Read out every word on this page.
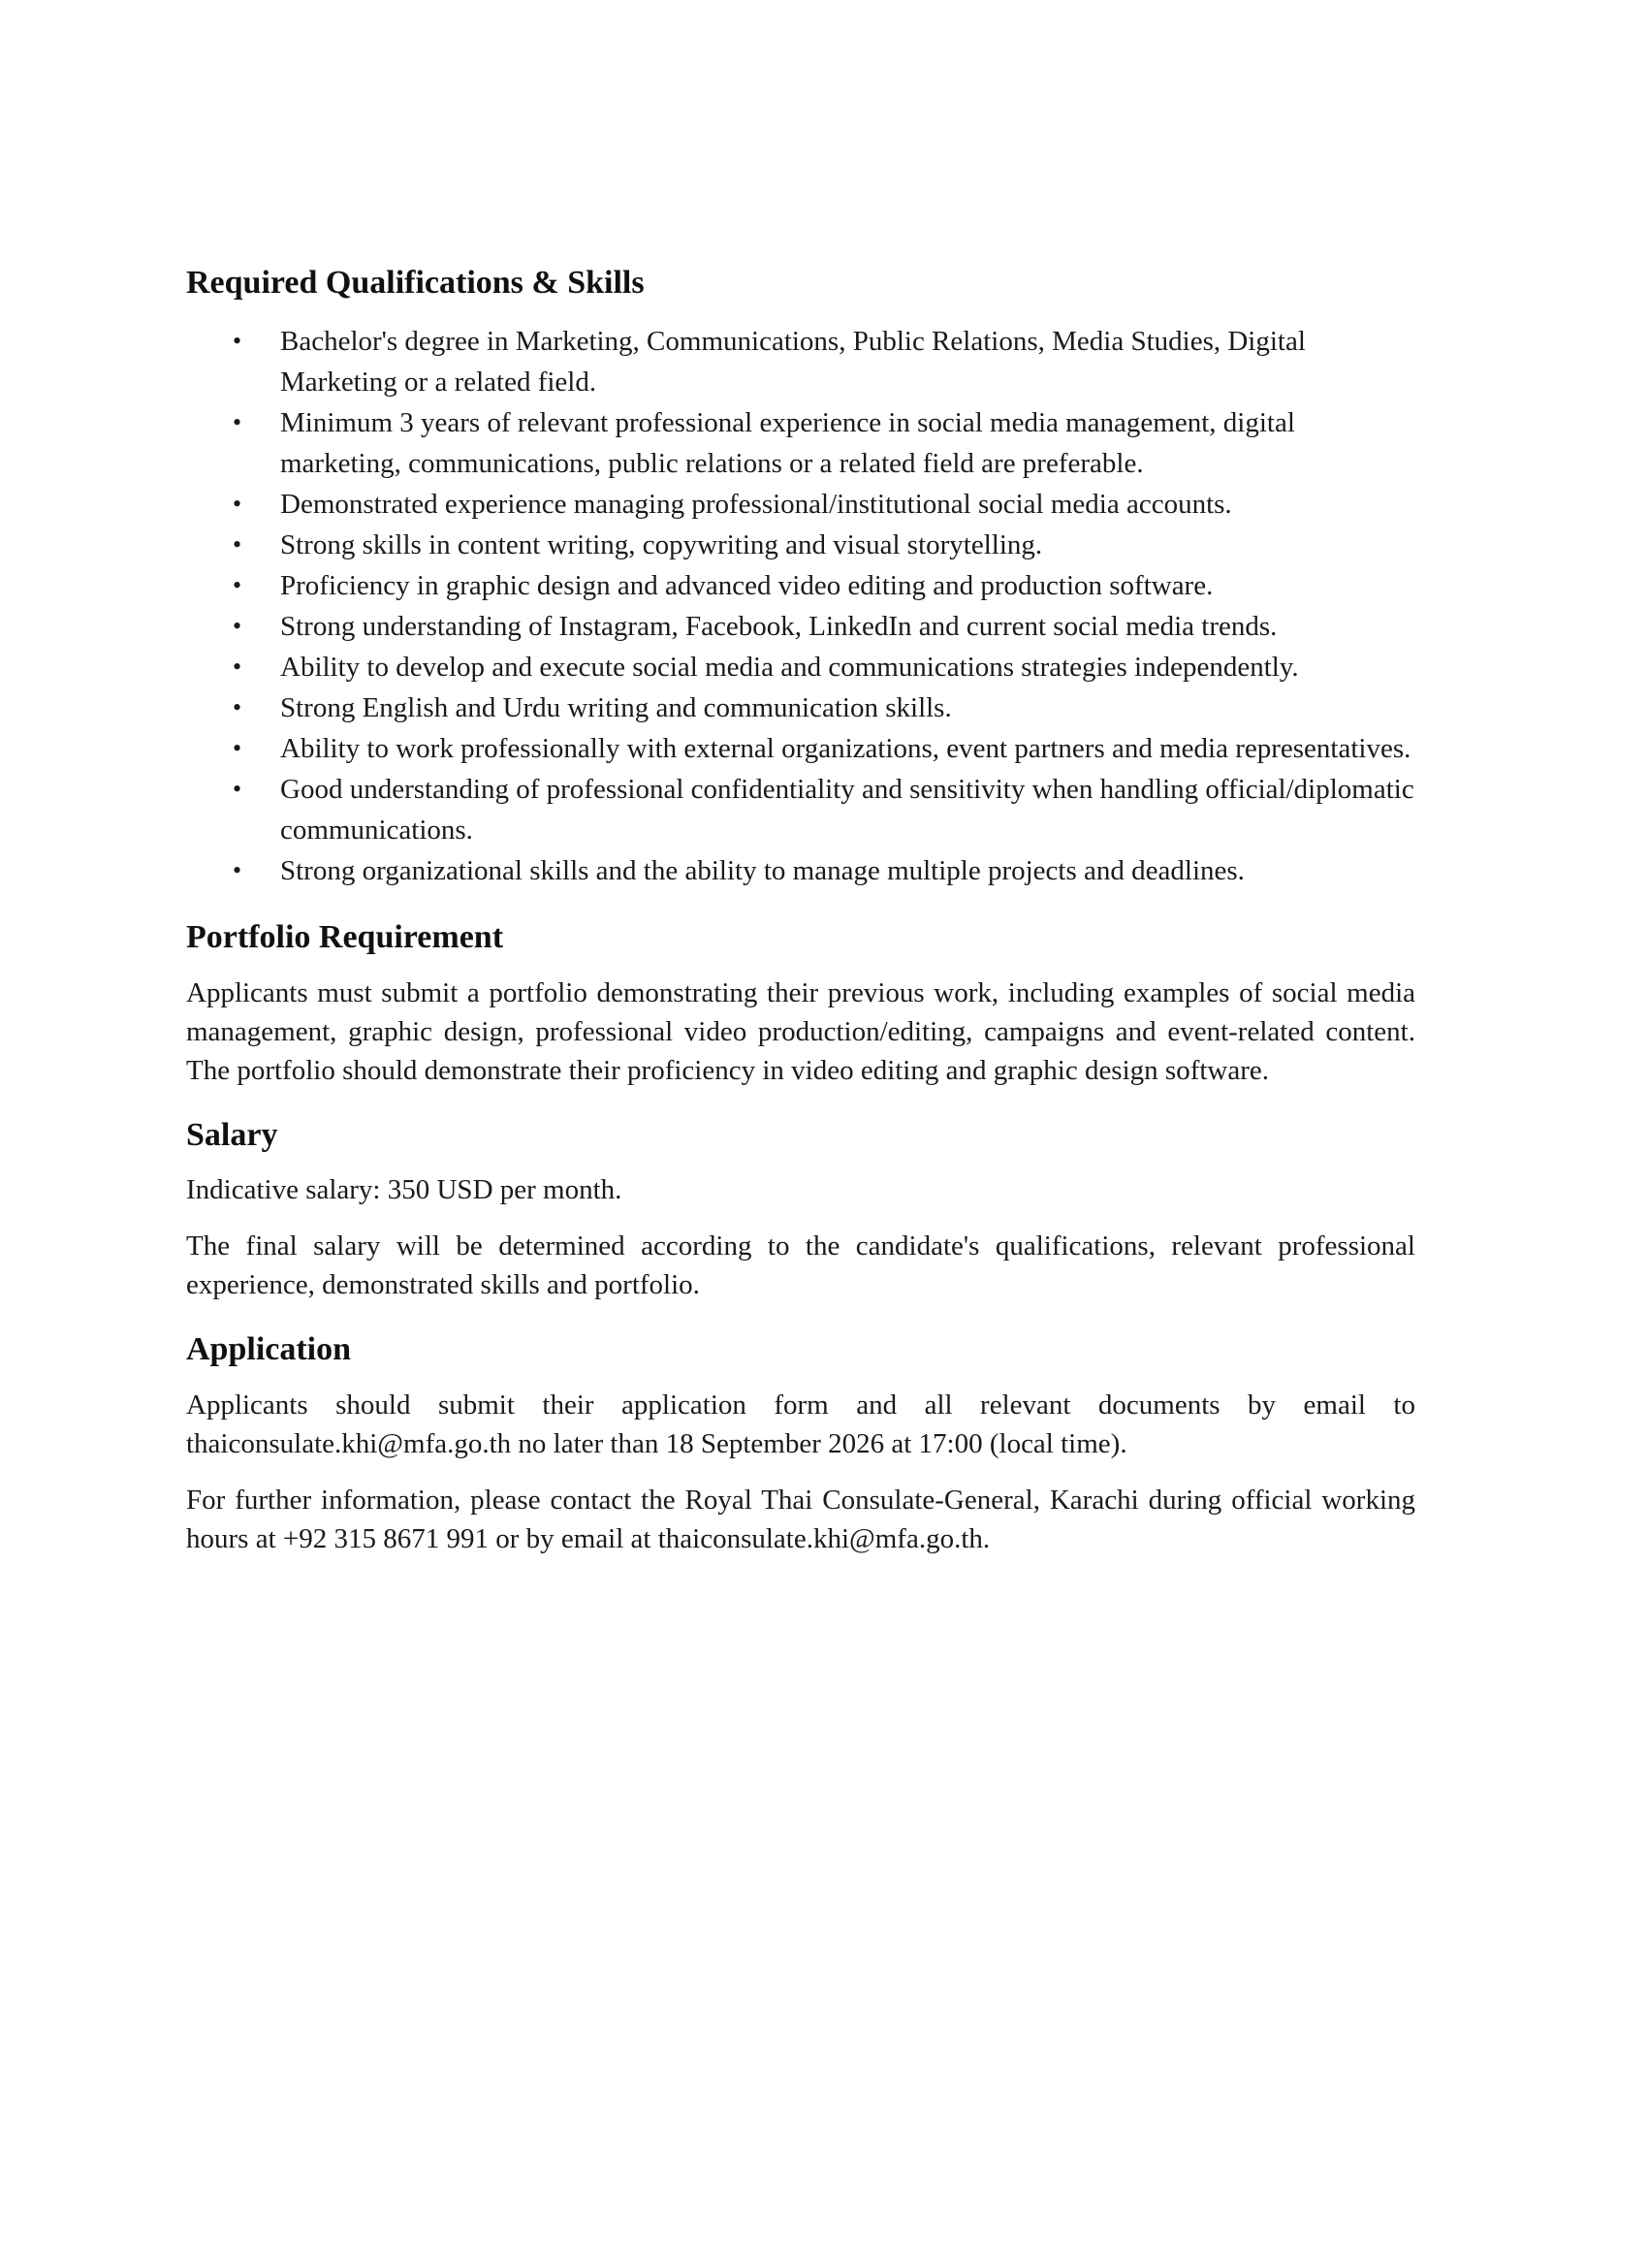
Required Qualifications & Skills
• Bachelor's degree in Marketing, Communications, Public Relations, Media Studies, Digital Marketing or a related field.
• Minimum 3 years of relevant professional experience in social media management, digital marketing, communications, public relations or a related field are preferable.
• Demonstrated experience managing professional/institutional social media accounts.
• Strong skills in content writing, copywriting and visual storytelling.
• Proficiency in graphic design and advanced video editing and production software.
• Strong understanding of Instagram, Facebook, LinkedIn and current social media trends.
• Ability to develop and execute social media and communications strategies independently.
• Strong English and Urdu writing and communication skills.
• Ability to work professionally with external organizations, event partners and media representatives.
• Good understanding of professional confidentiality and sensitivity when handling official/diplomatic communications.
• Strong organizational skills and the ability to manage multiple projects and deadlines.
Portfolio Requirement

Applicants must submit a portfolio demonstrating their previous work, including examples of social media management, graphic design, professional video production/editing, campaigns and event-related content. The portfolio should demonstrate their proficiency in video editing and graphic design software.

Salary

Indicative salary: 350 USD per month.

The final salary will be determined according to the candidate's qualifications, relevant professional experience, demonstrated skills and portfolio.

Application

Applicants should submit their application form and all relevant documents by email to thaiconsulate.khi@mfa.go.th no later than 18 September 2026 at 17:00 (local time).

For further information, please contact the Royal Thai Consulate-General, Karachi during official working hours at +92 315 8671 991 or by email at thaiconsulate.khi@mfa.go.th.
